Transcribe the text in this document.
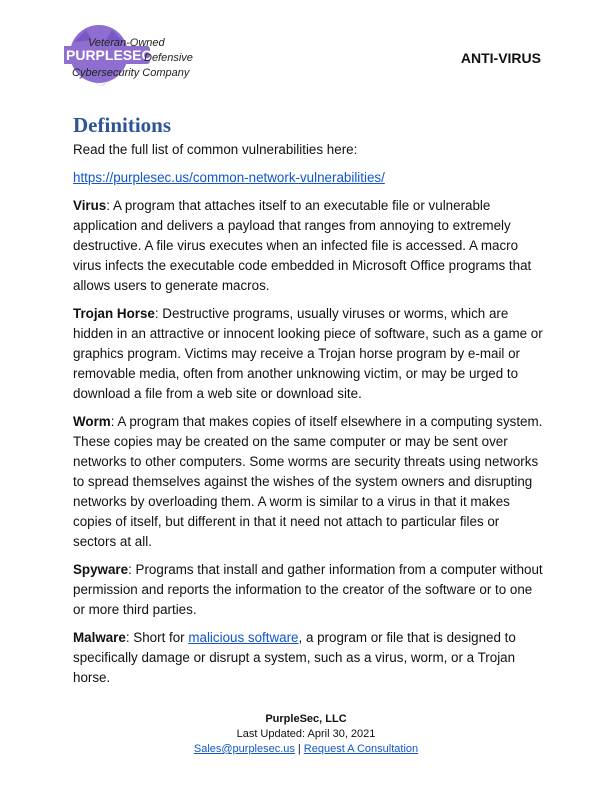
PURPLESEC
Veteran-Owned
Defensive
Cybersecurity Company
ANTI-VIRUS
Definitions

Read the full list of common vulnerabilities here:

https://purplesec.us/common-network-vulnerabilities/

Virus: A program that attaches itself to an executable file or vulnerable application and delivers a payload that ranges from annoying to extremely destructive. A file virus executes when an infected file is accessed. A macro virus infects the executable code embedded in Microsoft Office programs that allows users to generate macros.

Trojan Horse: Destructive programs, usually viruses or worms, which are hidden in an attractive or innocent looking piece of software, such as a game or graphics program. Victims may receive a Trojan horse program by e-mail or removable media, often from another unknowing victim, or may be urged to download a file from a web site or download site.

Worm: A program that makes copies of itself elsewhere in a computing system. These copies may be created on the same computer or may be sent over networks to other computers. Some worms are security threats using networks to spread themselves against the wishes of the system owners and disrupting networks by overloading them. A worm is similar to a virus in that it makes copies of itself, but different in that it need not attach to particular files or sectors at all.

Spyware: Programs that install and gather information from a computer without permission and reports the information to the creator of the software or to one or more third parties.

Malware: Short for malicious software, a program or file that is designed to specifically damage or disrupt a system, such as a virus, worm, or a Trojan horse.

PurpleSec, LLC
Last Updated: April 30, 2021
Sales@purplesec.us | Request A Consultation
